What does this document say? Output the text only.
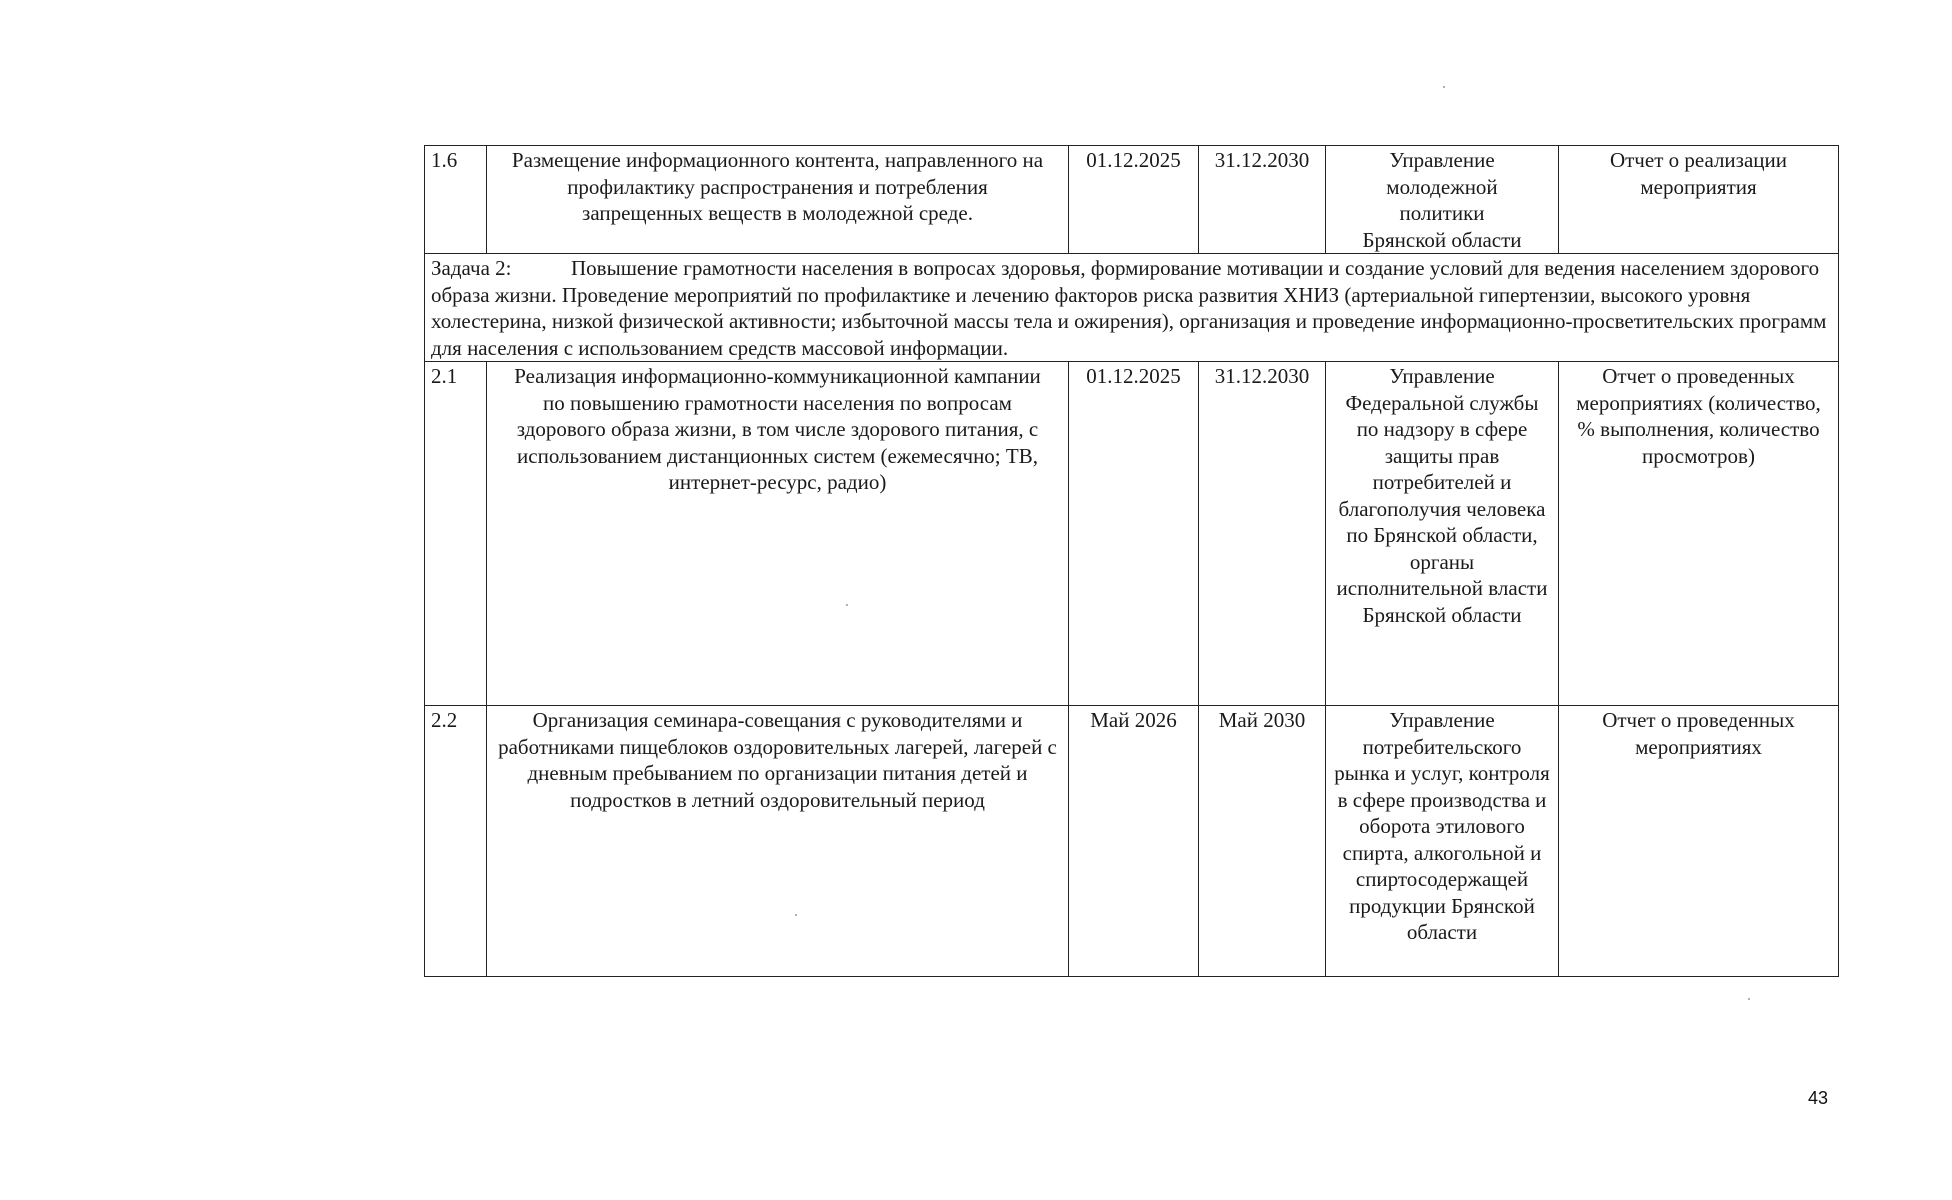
1.6	Размещение информационного контента, направленного на профилактику распространения и потребления запрещенных веществ в молодежной среде.	01.12.2025	31.12.2030	Управление молодежной политики Брянской области	Отчет о реализации мероприятия
Задача 2: Повышение грамотности населения в вопросах здоровья, формирование мотивации и создание условий для ведения населением здорового образа жизни. Проведение мероприятий по профилактике и лечению факторов риска развития ХНИЗ (артериальной гипертензии, высокого уровня холестерина, низкой физической активности; избыточной массы тела и ожирения), организация и проведение информационно-просветительских программ для населения с использованием средств массовой информации.					
2.1	Реализация информационно-коммуникационной кампании по повышению грамотности населения по вопросам здорового образа жизни, в том числе здорового питания, с использованием дистанционных систем (ежемесячно; ТВ, интернет-ресурс, радио)	01.12.2025	31.12.2030	Управление Федеральной службы по надзору в сфере защиты прав потребителей и благополучия человека по Брянской области, органы исполнительной власти Брянской области	Отчет о проведенных мероприятиях (количество, % выполнения, количество просмотров)
2.2	Организация семинара-совещания с руководителями и работниками пищеблоков оздоровительных лагерей, лагерей с дневным пребыванием по организации питания детей и подростков в летний оздоровительный период	Май 2026	Май 2030	Управление потребительского рынка и услуг, контроля в сфере производства и оборота этилового спирта, алкогольной и спиртосодержащей продукции Брянской области	Отчет о проведенных мероприятиях
43
